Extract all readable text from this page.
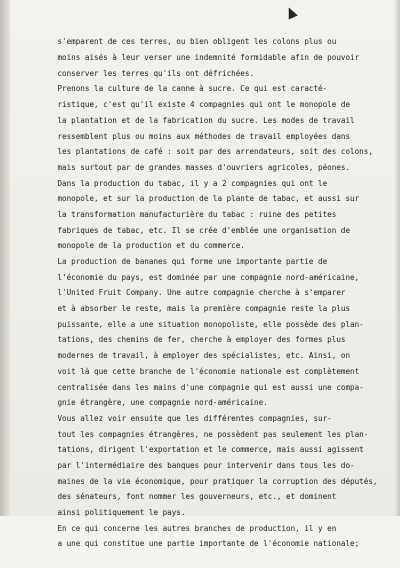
s'emparent de ces terres, ou bien obligent les colons plus ou

moins aisés à leur verser une indemnité formidable afin de pouvoir

conserver les terres qu'ils ont défrichées.

Prenons la culture de la canne à sucre. Ce qui est caracté-

ristique, c'est qu'il existe 4 compagnies qui ont le monopole de

la plantation et de la fabrication du sucre. Les modes de travail

ressemblent plus ou moins aux méthodes de travail employées dans

les plantations de café : soit par des arrendateurs, soit des colons,

mais surtout par de grandes masses d'ouvriers agricoles, péones.

Dans la production du tabac, il y a 2 compagnies qui ont le

monopole, et sur la production de la plante de tabac, et aussi sur

la transformation manufacturière du tabac : ruine des petites

fabriques de tabac, etc. Il se crée d'emblée une organisation de

monopole de la production et du commerce.

La production de bananes qui forme une importante partie de

l'économie du pays, est dominée par une compagnie nord-américaine,

l'United Fruit Company. Une autre compagnie cherche à s'emparer

et à absorber le reste, mais la première compagnie reste la plus

puissante, elle a une situation monopoliste, elle possède des plan-

tations, des chemins de fer, cherche à employer des formes plus

modernes de travail, à employer des spécialistes, etc. Ainsi, on

voit là que cette branche de l'économie nationale est complètement

centralisée dans les mains d'une compagnie qui est aussi une compa-

gnie étrangère, une compagnie nord-américaine.

Vous allez voir ensuite que les différentes compagnies, sur-

tout les compagnies étrangères, ne possèdent pas seulement les plan-

tations, dirigent l'exportation et le commerce, mais aussi agissent

par l'intermédiaire des banques pour intervenir dans tous les do-

maines de la vie économique, pour pratiquer la corruption des députés,

des sénateurs, font nommer les gouverneurs, etc., et dominent

ainsi politiquement le pays.

En ce qui concerne les autres branches de production, il y en

a une qui constitue une partie importante de l'économie nationale;
